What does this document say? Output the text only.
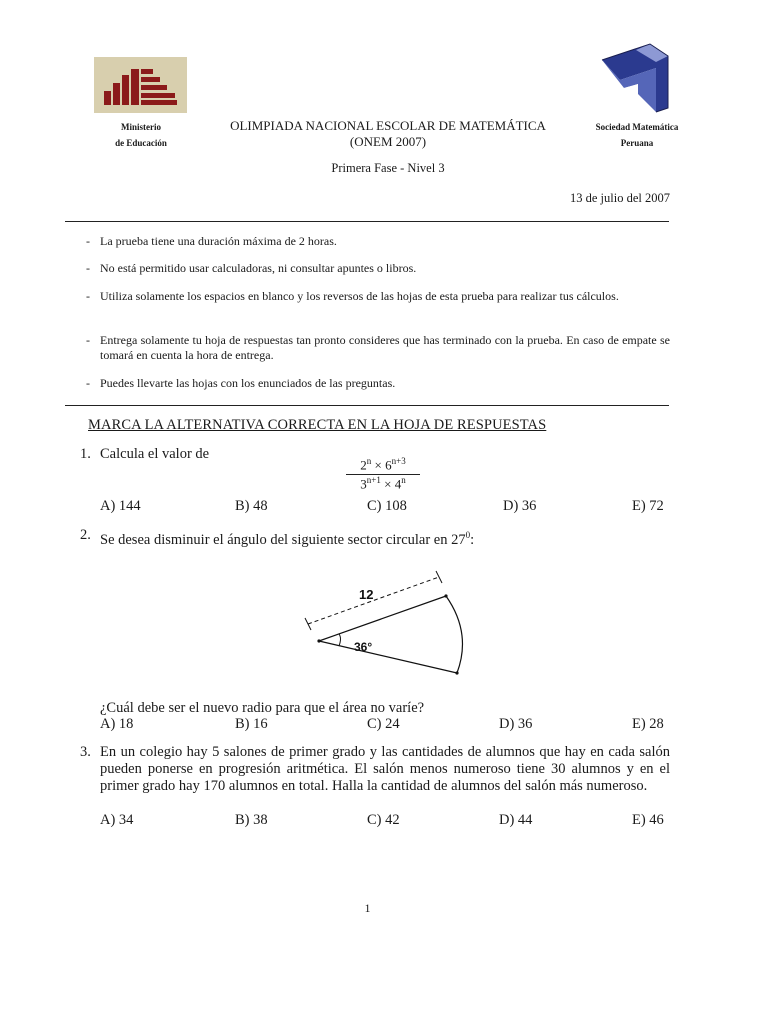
Ministerio
de Educación
OLIMPIADA NACIONAL ESCOLAR DE MATEMÁTICA
(ONEM 2007)
Sociedad Matemática
Peruana
Primera Fase - Nivel 3
13 de julio del 2007
- La prueba tiene una duración máxima de 2 horas.
- No está permitido usar calculadoras, ni consultar apuntes o libros.
- Utiliza solamente los espacios en blanco y los reversos de las hojas de esta prueba para realizar tus cálculos.
- Entrega solamente tu hoja de respuestas tan pronto consideres que has terminado con la prueba. En caso de empate se tomará en cuenta la hora de entrega.
- Puedes llevarte las hojas con los enunciados de las preguntas.
MARCA LA ALTERNATIVA CORRECTA EN LA HOJA DE RESPUESTAS
1. Calcula el valor de
$2^n \times 6^{n+3}$
$3^{n+1} \times 4^n$
A) 144	B) 48	C) 108	D) 36	E) 72
2. Se desea disminuir el ángulo del siguiente sector circular en $27^0$:
12
36°
¿Cuál debe ser el nuevo radio para que el área no varíe?
A) 18	B) 16	C) 24	D) 36	E) 28
3. En un colegio hay 5 salones de primer grado y las cantidades de alumnos que hay en cada salón pueden ponerse en progresión aritmética. El salón menos numeroso tiene 30 alumnos y en el primer grado hay 170 alumnos en total. Halla la cantidad de alumnos del salón más numeroso.
A) 34	B) 38	C) 42	D) 44	E) 46
1
